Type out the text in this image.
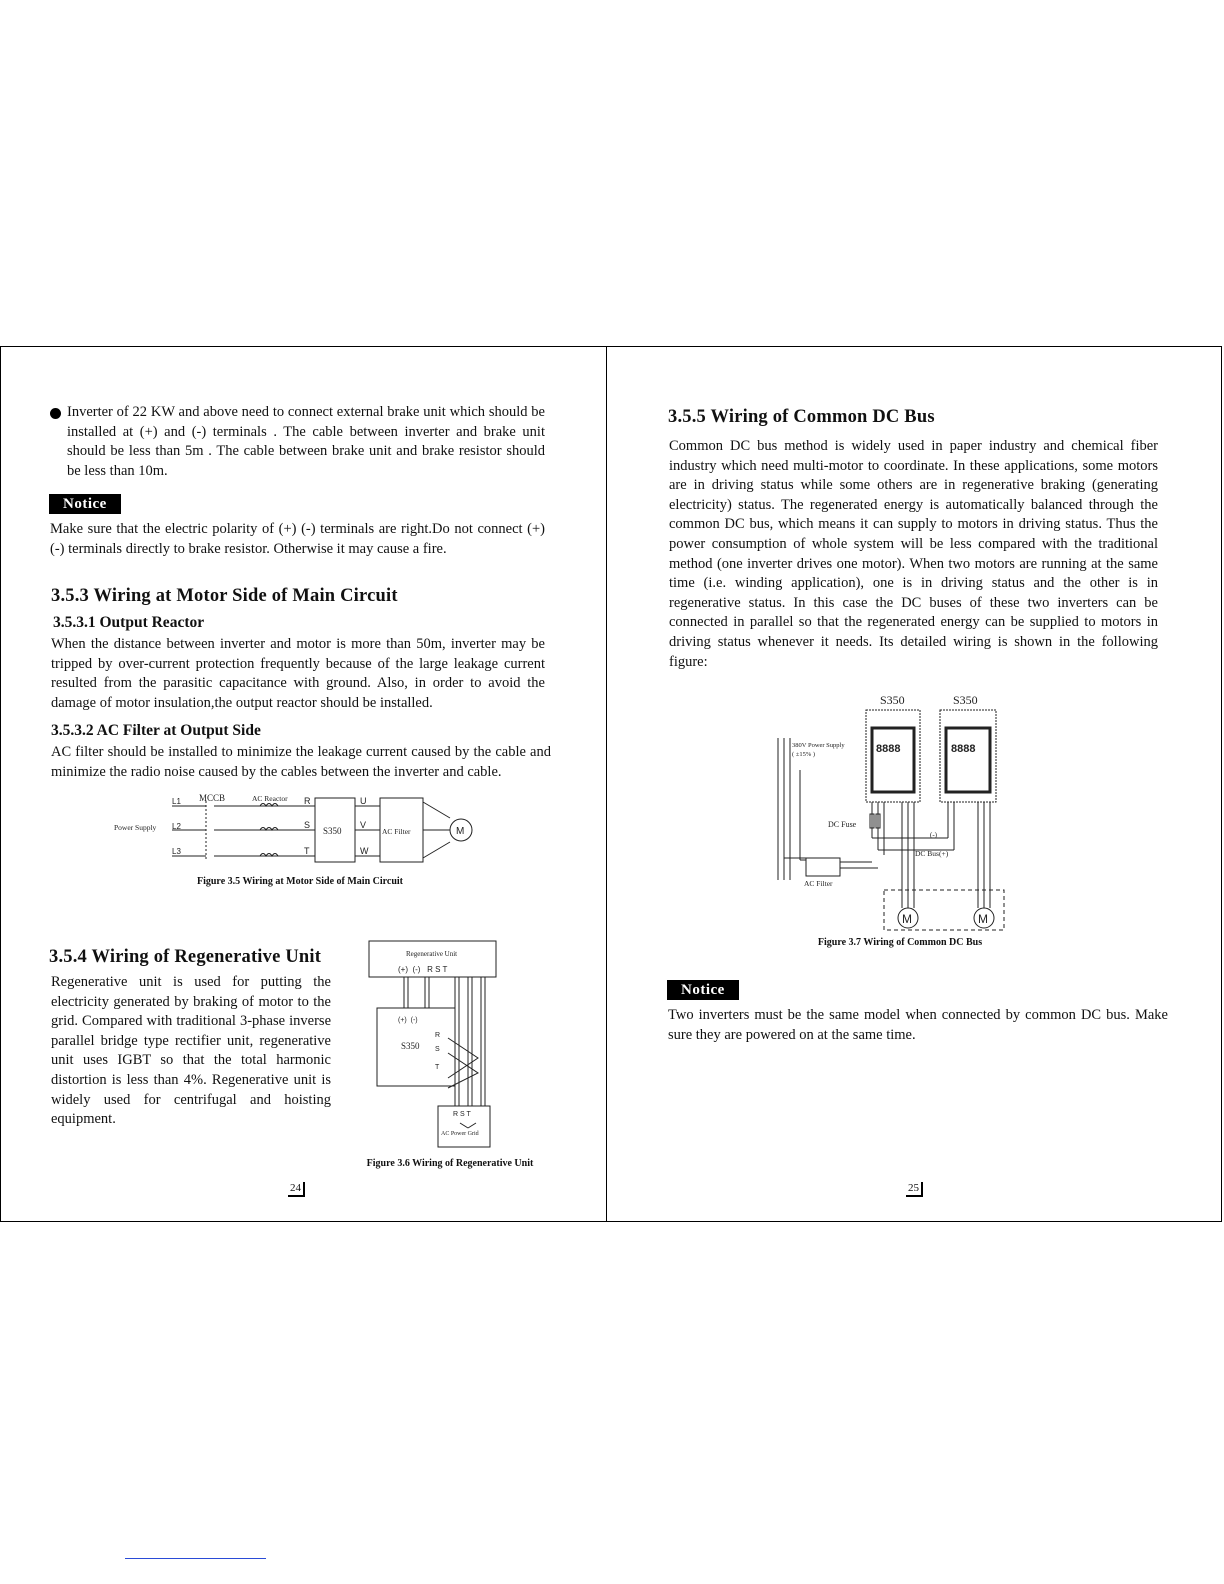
Inverter of 22 KW and above need to connect external brake unit which should be installed at (+) and (-) terminals . The cable between inverter and brake unit should be less than 5m . The cable between brake unit and brake resistor should be less than 10m.
Notice
Make sure that the electric polarity of (+) (-) terminals are right.Do not connect (+) (-) terminals directly to brake resistor. Otherwise it may cause a fire.
3.5.3 Wiring at Motor Side of Main Circuit
3.5.3.1 Output Reactor
When the distance between inverter and motor is more than 50m, inverter may be tripped by over-current protection frequently because of the large leakage current resulted from the parasitic capacitance with ground. Also, in order to avoid the damage of motor insulation,the output reactor should be installed.
3.5.3.2 AC Filter at Output Side
AC filter should be installed to minimize the leakage current caused by the cable and minimize the radio noise caused by the cables between the inverter and cable.
MCCB	AC Reactor
L1
L2
L3
Power Supply
R
S
T
S350
U
V
W
AC Filter	M
Figure 3.5 Wiring at Motor Side of Main Circuit
3.5.4 Wiring of Regenerative Unit
Regenerative unit is used for putting the electricity generated by braking of motor to the grid. Compared with traditional 3-phase inverse parallel bridge type rectifier unit, regenerative unit uses IGBT so that the total harmonic distortion is less than 4%. Regenerative unit is widely used for centrifugal and hoisting equipment.
Regenerative Unit
(+)  (-)   R S T
(+)  (-)
S350
R
S
T
R S T
AC Power Grid
Figure 3.6 Wiring of Regenerative Unit
24
3.5.5 Wiring of Common DC Bus
Common DC bus method is widely used in paper industry and chemical fiber industry which need multi-motor to coordinate. In these applications, some motors are in driving status while some others are in regenerative braking (generating electricity) status. The regenerated energy is automatically balanced through the common DC bus, which means it can supply to motors in driving status. Thus the power consumption of whole system will be less compared with the traditional method (one inverter drives one motor). When two motors are running at the same time (i.e. winding application), one is in driving status and the other is in regenerative status. In this case the DC buses of these two inverters can be connected in parallel so that the regenerated energy can be supplied to motors in driving status whenever it needs. Its detailed wiring is shown in the following figure:
S350	S350
8888	8888
380V Power Supply
( ±15% )
DC Fuse
(-)
DC Bus(+)
AC Filter
M	M
Figure 3.7 Wiring of Common DC Bus
Notice
Two inverters must be the same model when connected by common DC bus. Make sure they are powered on at the same time.
25
